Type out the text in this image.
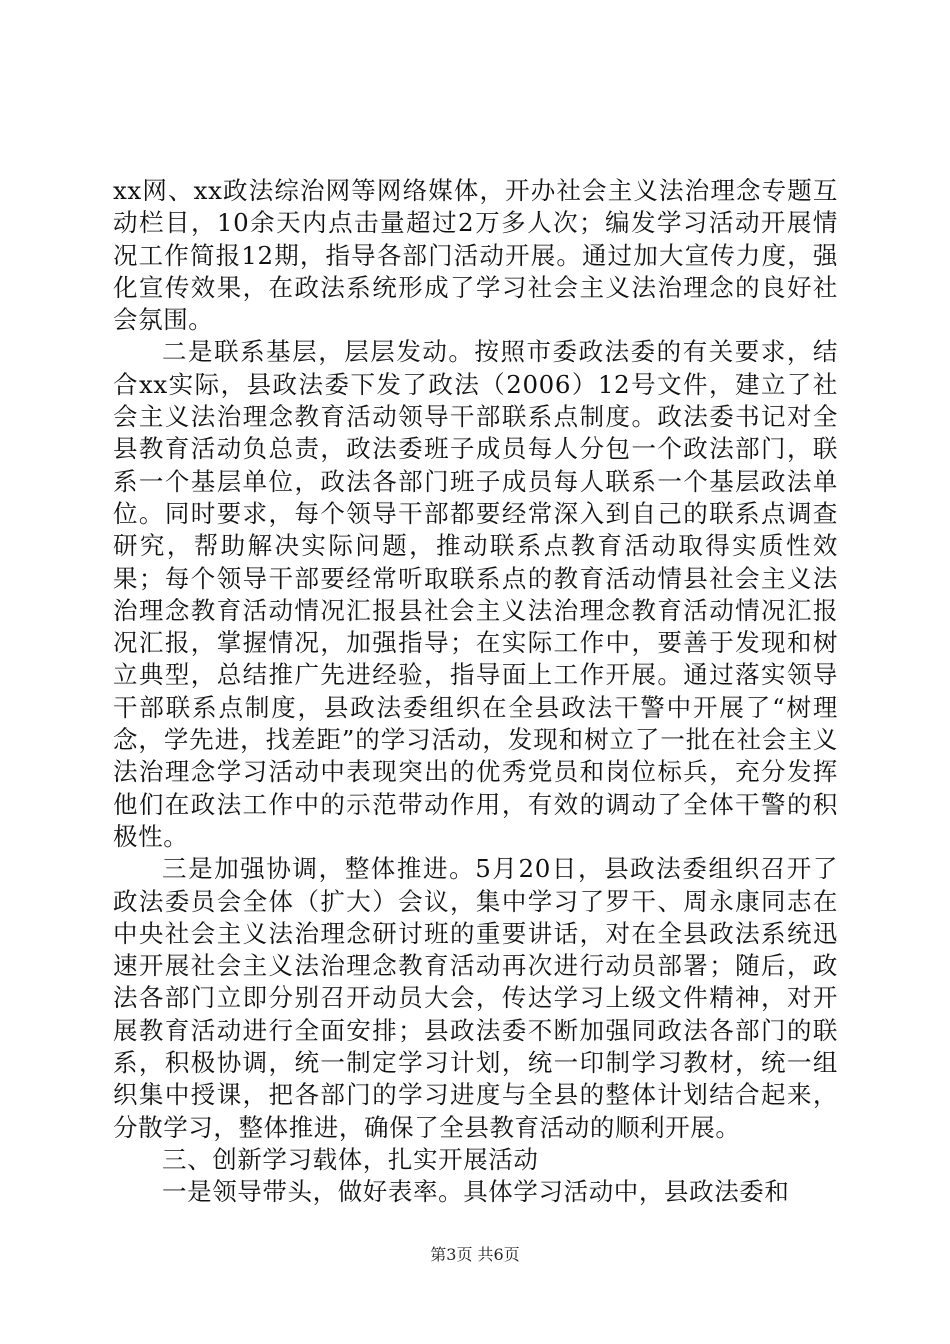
xx网、xx政法综治网等网络媒体，开办社会主义法治理念专题互动栏目，10余天内点击量超过2万多人次；编发学习活动开展情况工作简报12期，指导各部门活动开展。通过加大宣传力度，强化宣传效果，在政法系统形成了学习社会主义法治理念的良好社会氛围。

二是联系基层，层层发动。按照市委政法委的有关要求，结合xx实际，县政法委下发了政法（2006）12号文件，建立了社会主义法治理念教育活动领导干部联系点制度。政法委书记对全县教育活动负总责，政法委班子成员每人分包一个政法部门，联系一个基层单位，政法各部门班子成员每人联系一个基层政法单位。同时要求，每个领导干部都要经常深入到自己的联系点调查研究，帮助解决实际问题，推动联系点教育活动取得实质性效果；每个领导干部要经常听取联系点的教育活动情县社会主义法治理念教育活动情况汇报县社会主义法治理念教育活动情况汇报况汇报，掌握情况，加强指导；在实际工作中，要善于发现和树立典型，总结推广先进经验，指导面上工作开展。通过落实领导干部联系点制度，县政法委组织在全县政法干警中开展了“树理念，学先进，找差距”的学习活动，发现和树立了一批在社会主义法治理念学习活动中表现突出的优秀党员和岗位标兵，充分发挥他们在政法工作中的示范带动作用，有效的调动了全体干警的积极性。

三是加强协调，整体推进。5月20日，县政法委组织召开了政法委员会全体（扩大）会议，集中学习了罗干、周永康同志在中央社会主义法治理念研讨班的重要讲话，对在全县政法系统迅速开展社会主义法治理念教育活动再次进行动员部署；随后，政法各部门立即分别召开动员大会，传达学习上级文件精神，对开展教育活动进行全面安排；县政法委不断加强同政法各部门的联系，积极协调，统一制定学习计划，统一印制学习教材，统一组织集中授课，把各部门的学习进度与全县的整体计划结合起来，分散学习，整体推进，确保了全县教育活动的顺利开展。

三、创新学习载体，扎实开展活动

一是领导带头，做好表率。具体学习活动中，县政法委和

第3页 共6页
